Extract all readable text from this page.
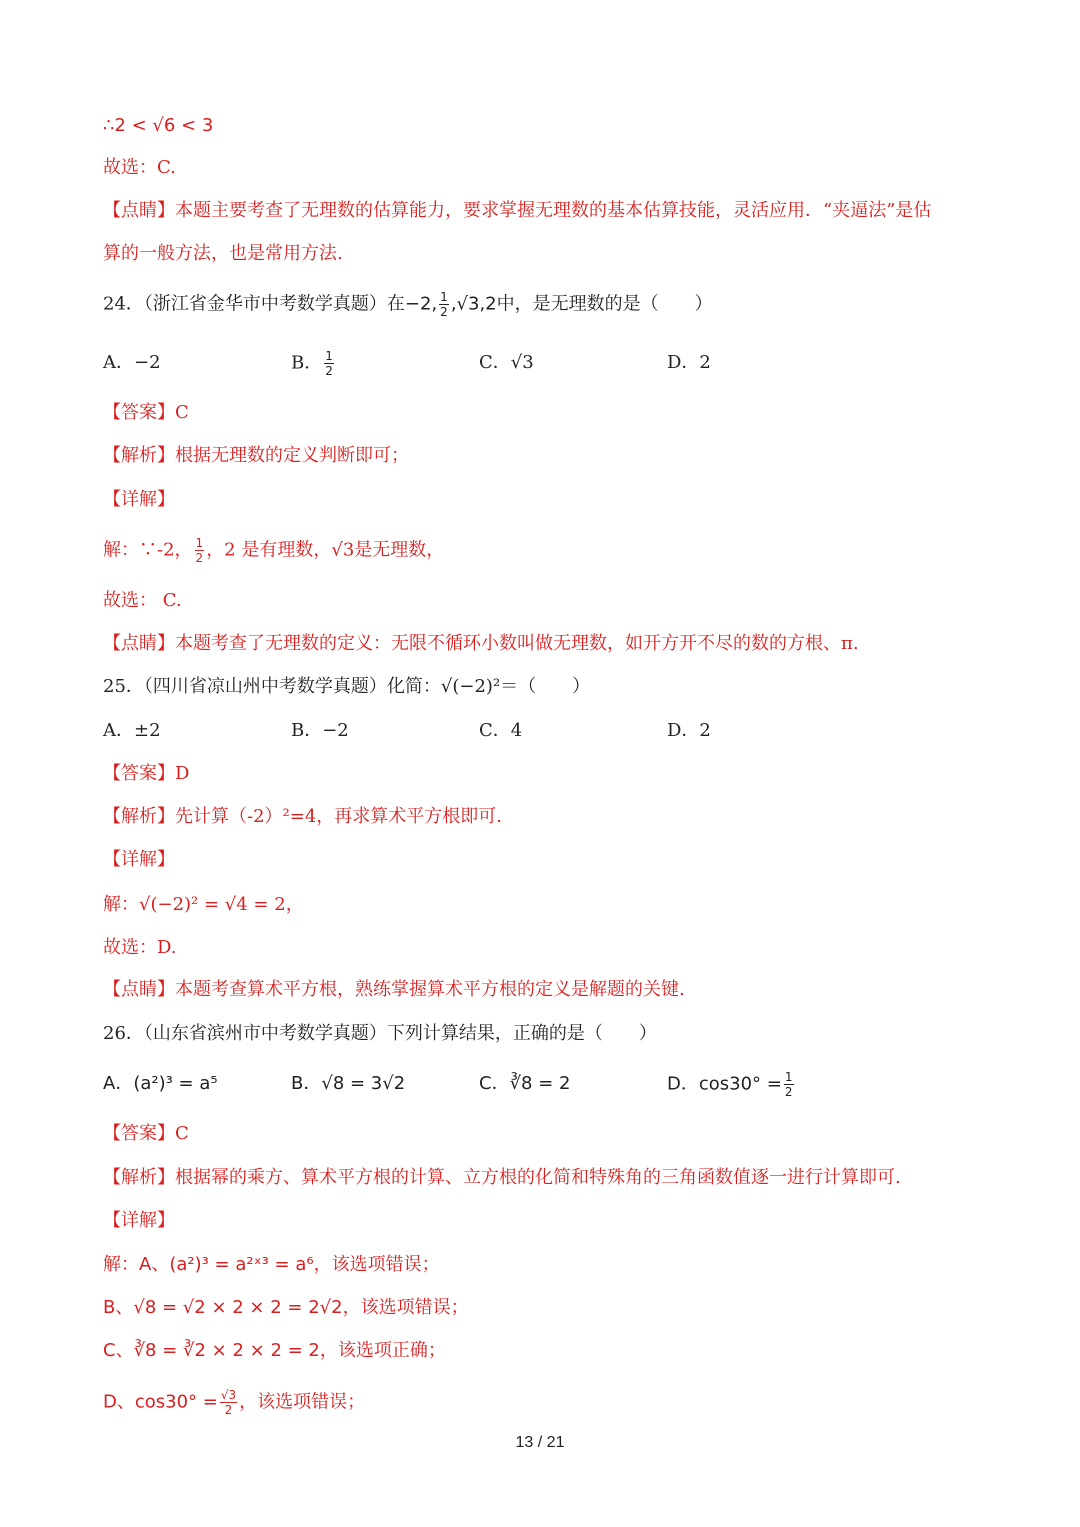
∴2 < √6 < 3
故选：C.
【点睛】本题主要考查了无理数的估算能力，要求掌握无理数的基本估算技能，灵活应用．“夹逼法”是估
算的一般方法，也是常用方法.
24．（浙江省金华市中考数学真题）在−2, $\frac{1}{2} ,√3,2$中，是无理数的是（　　）
A．−2	B． $\frac{1}{2}$	C．√3	D．2
【答案】C
【解析】根据无理数的定义判断即可；
【详解】
解：∵-2， $\frac{1}{2}$ ，2 是有理数，√3是无理数，
故选： C.
【点睛】本题考查了无理数的定义：无限不循环小数叫做无理数，如开方开不尽的数的方根、π.
25．（四川省凉山州中考数学真题）化简：√(−2)²＝（　　）
A．±2	B．−2	C．4	D．2
【答案】D
【解析】先计算（-2）²=4，再求算术平方根即可.
【详解】
解：√(−2)² = √4 = 2，
故选：D.
【点睛】本题考查算术平方根，熟练掌握算术平方根的定义是解题的关键.
26．（山东省滨州市中考数学真题）下列计算结果，正确的是（　　）
A．(a²)³ = a⁵	B．√8 = 3√2	C．∛8 = 2	D．$\cos 30^\circ = \frac{1}{2}$
【答案】C
【解析】根据幂的乘方、算术平方根的计算、立方根的化简和特殊角的三角函数值逐一进行计算即可.
【详解】
解：A、(a²)³ = a²ˣ³ = a⁶，该选项错误；
B、√8 = √2 × 2 × 2 = 2√2，该选项错误；
C、∛8 = ∛2 × 2 × 2 = 2，该选项正确；
D、$\cos 30^\circ = \frac{√3}{2}$ ，该选项错误；
13 / 21
